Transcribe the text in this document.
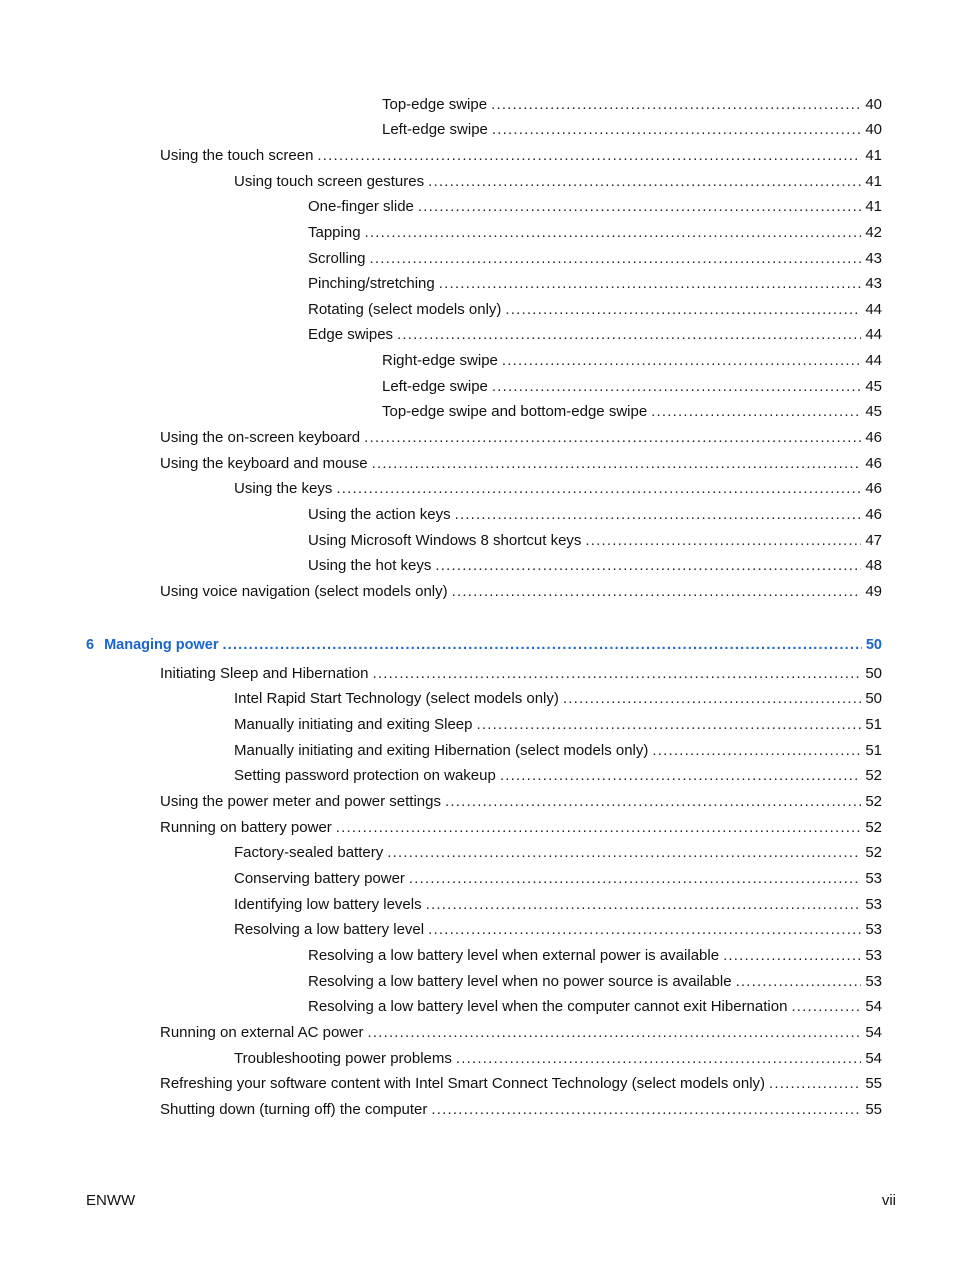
Top-edge swipe .....	40
Left-edge swipe .....	40
Using the touch screen .....	41
Using touch screen gestures .....	41
One-finger slide .....	41
Tapping .....	42
Scrolling .....	43
Pinching/stretching .....	43
Rotating (select models only) .....	44
Edge swipes .....	44
Right-edge swipe .....	44
Left-edge swipe .....	45
Top-edge swipe and bottom-edge swipe .....	45
Using the on-screen keyboard .....	46
Using the keyboard and mouse .....	46
Using the keys .....	46
Using the action keys .....	46
Using Microsoft Windows 8 shortcut keys .....	47
Using the hot keys .....	48
Using voice navigation (select models only) .....	49
6 Managing power .....	50
Initiating Sleep and Hibernation .....	50
Intel Rapid Start Technology (select models only) .....	50
Manually initiating and exiting Sleep .....	51
Manually initiating and exiting Hibernation (select models only) .....	51
Setting password protection on wakeup .....	52
Using the power meter and power settings .....	52
Running on battery power .....	52
Factory-sealed battery .....	52
Conserving battery power .....	53
Identifying low battery levels .....	53
Resolving a low battery level .....	53
Resolving a low battery level when external power is available .....	53
Resolving a low battery level when no power source is available .....	53
Resolving a low battery level when the computer cannot exit Hibernation .....	54
Running on external AC power .....	54
Troubleshooting power problems .....	54
Refreshing your software content with Intel Smart Connect Technology (select models only) .....	55
Shutting down (turning off) the computer .....	55
ENWW	vii
